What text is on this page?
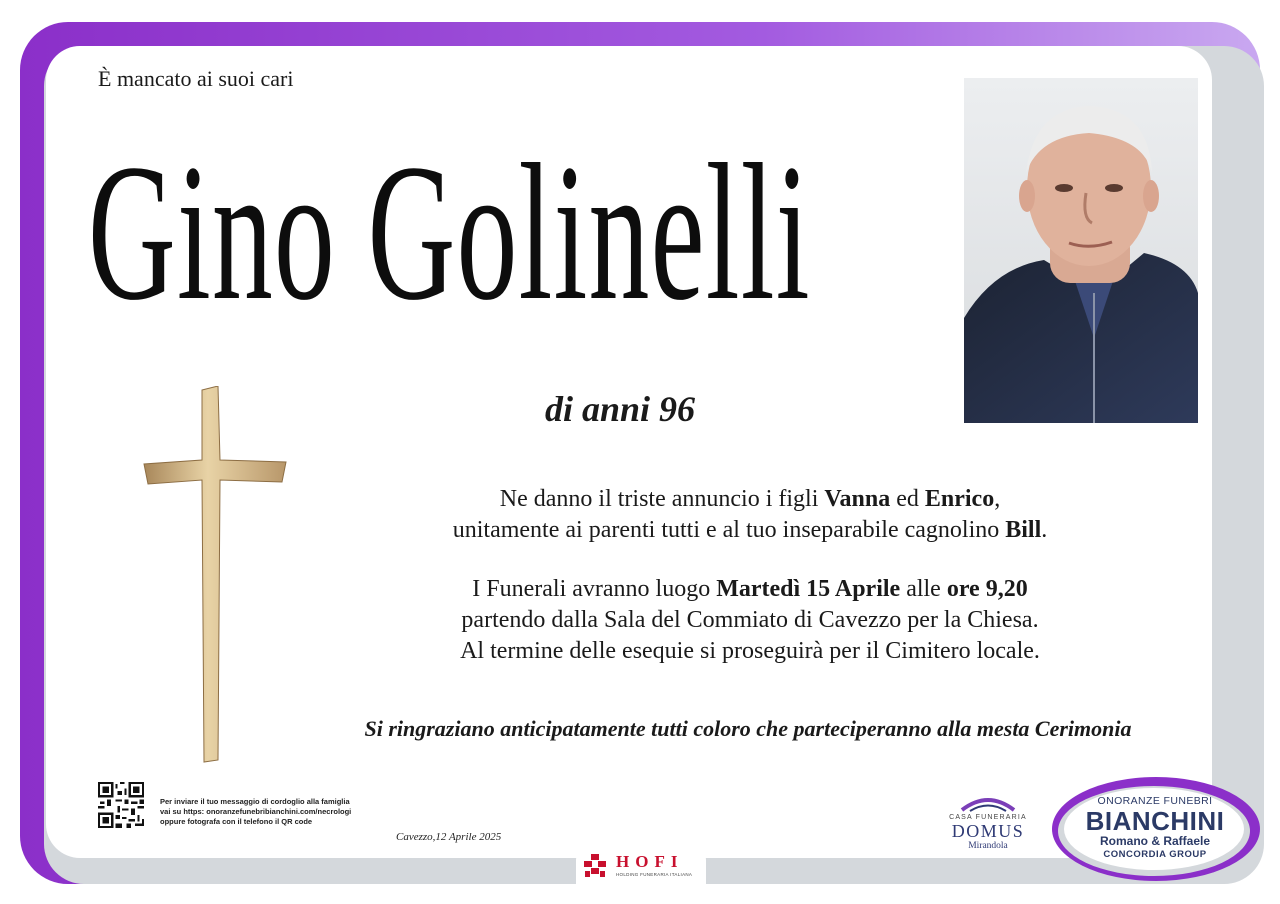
È mancato ai suoi cari
Gino Golinelli
di anni 96
Ne danno il triste annuncio i figli Vanna ed Enrico,
unitamente ai parenti tutti e al tuo inseparabile cagnolino Bill.
I Funerali avranno luogo Martedì 15 Aprile alle ore 9,20
partendo dalla Sala del Commiato di Cavezzo per la Chiesa.
Al termine delle esequie si proseguirà per il Cimitero locale.
Si ringraziano anticipatamente tutti coloro che parteciperanno alla mesta Cerimonia
Per inviare il tuo messaggio di cordoglio alla famiglia
vai su https: onoranzefunebribianchini.com/necrologi
oppure fotografa con il telefono il QR code
Cavezzo,12 Aprile 2025
HOFI
HOLDING FUNERARIA ITALIANA
CASA FUNERARIA
DOMUS
Mirandola
ONORANZE FUNEBRI
BIANCHINI
Romano & Raffaele
CONCORDIA GROUP
